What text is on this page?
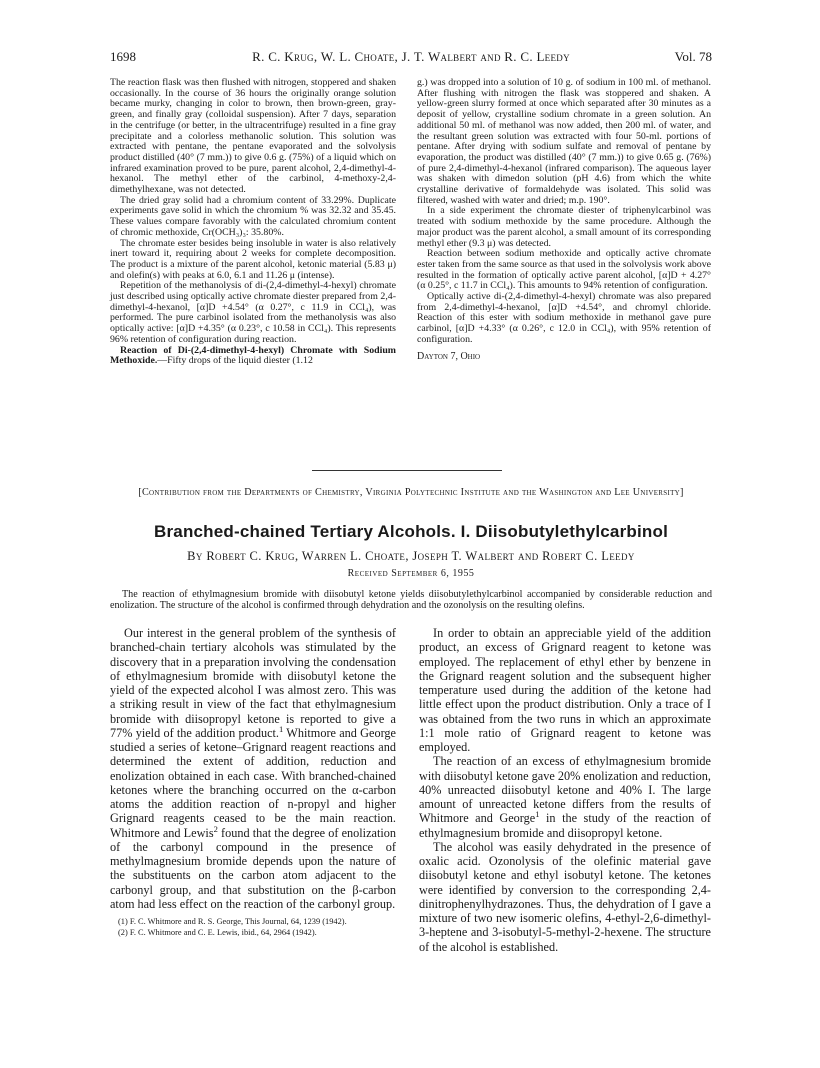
1698	R. C. Krug, W. L. Choate, J. T. Walbert and R. C. Leedy	Vol. 78

The reaction flask was then flushed with nitrogen, stoppered and shaken occasionally. In the course of 36 hours the originally orange solution became murky, changing in color to brown, then brown-green, gray-green, and finally gray (colloidal suspension). After 7 days, separation in the centrifuge (or better, in the ultracentrifuge) resulted in a fine gray precipitate and a colorless methanolic solution. This solution was extracted with pentane, the pentane evaporated and the solvolysis product distilled (40° (7 mm.)) to give 0.6 g. (75%) of a liquid which on infrared examination proved to be pure, parent alcohol, 2,4-dimethyl-4-hexanol. The methyl ether of the carbinol, 4-methoxy-2,4-dimethylhexane, was not detected.

The dried gray solid had a chromium content of 33.29%. Duplicate experiments gave solid in which the chromium % was 32.32 and 35.45. These values compare favorably with the calculated chromium content of chromic methoxide, Cr(OCH₃)₃: 35.80%.

The chromate ester besides being insoluble in water is also relatively inert toward it, requiring about 2 weeks for complete decomposition. The product is a mixture of the parent alcohol, ketonic material (5.83 μ) and olefin(s) with peaks at 6.0, 6.1 and 11.26 μ (intense).

Repetition of the methanolysis of di-(2,4-dimethyl-4-hexyl) chromate just described using optically active chromate diester prepared from 2,4-dimethyl-4-hexanol, [α]D +4.54° (α 0.27°, c 11.9 in CCl₄), was performed. The pure carbinol isolated from the methanolysis was also optically active: [α]D +4.35° (α 0.23°, c 10.58 in CCl₄). This represents 96% retention of configuration during reaction.

Reaction of Di-(2,4-dimethyl-4-hexyl) Chromate with Sodium Methoxide.—Fifty drops of the liquid diester (1.12

g.) was dropped into a solution of 10 g. of sodium in 100 ml. of methanol. After flushing with nitrogen the flask was stoppered and shaken. A yellow-green slurry formed at once which separated after 30 minutes as a deposit of yellow, crystalline sodium chromate in a green solution. An additional 50 ml. of methanol was now added, then 200 ml. of water, and the resultant green solution was extracted with four 50-ml. portions of pentane. After drying with sodium sulfate and removal of pentane by evaporation, the product was distilled (40° (7 mm.)) to give 0.65 g. (76%) of pure 2,4-dimethyl-4-hexanol (infrared comparison). The aqueous layer was shaken with dimedon solution (pH 4.6) from which the white crystalline derivative of formaldehyde was isolated. This solid was filtered, washed with water and dried; m.p. 190°.

In a side experiment the chromate diester of triphenylcarbinol was treated with sodium methoxide by the same procedure. Although the major product was the parent alcohol, a small amount of its corresponding methyl ether (9.3 μ) was detected.

Reaction between sodium methoxide and optically active chromate ester taken from the same source as that used in the solvolysis work above resulted in the formation of optically active parent alcohol, [α]D + 4.27° (α 0.25°, c 11.7 in CCl₄). This amounts to 94% retention of configuration.

Optically active di-(2,4-dimethyl-4-hexyl) chromate was also prepared from 2,4-dimethyl-4-hexanol, [α]D +4.54°, and chromyl chloride. Reaction of this ester with sodium methoxide in methanol gave pure carbinol, [α]D +4.33° (α 0.26°, c 12.0 in CCl₄), with 95% retention of configuration.

Dayton 7, Ohio

[Contribution from the Departments of Chemistry, Virginia Polytechnic Institute and the Washington and Lee University]
Branched-chained Tertiary Alcohols. I. Diisobutylethylcarbinol
By Robert C. Krug, Warren L. Choate, Joseph T. Walbert and Robert C. Leedy
Received September 6, 1955
The reaction of ethylmagnesium bromide with diisobutyl ketone yields diisobutylethylcarbinol accompanied by considerable reduction and enolization. The structure of the alcohol is confirmed through dehydration and the ozonolysis on the resulting olefins.

Our interest in the general problem of the synthesis of branched-chain tertiary alcohols was stimulated by the discovery that in a preparation involving the condensation of ethylmagnesium bromide with diisobutyl ketone the yield of the expected alcohol I was almost zero. This was a striking result in view of the fact that ethylmagnesium bromide with diisopropyl ketone is reported to give a 77% yield of the addition product.$^1$ Whitmore and George studied a series of ketone–Grignard reagent reactions and determined the extent of addition, reduction and enolization obtained in each case. With branched-chained ketones where the branching occurred on the α-carbon atoms the addition reaction of n-propyl and higher Grignard reagents ceased to be the main reaction. Whitmore and Lewis$^2$ found that the degree of enolization of the carbonyl compound in the presence of methylmagnesium bromide depends upon the nature of the substituents on the carbon atom adjacent to the carbonyl group, and that substitution on the β-carbon atom had less effect on the reaction of the carbonyl group.

(1) F. C. Whitmore and R. S. George, This Journal, 64, 1239 (1942).
(2) F. C. Whitmore and C. E. Lewis, ibid., 64, 2964 (1942).

In order to obtain an appreciable yield of the addition product, an excess of Grignard reagent to ketone was employed. The replacement of ethyl ether by benzene in the Grignard reagent solution and the subsequent higher temperature used during the addition of the ketone had little effect upon the product distribution. Only a trace of I was obtained from the two runs in which an approximate 1:1 mole ratio of Grignard reagent to ketone was employed.

The reaction of an excess of ethylmagnesium bromide with diisobutyl ketone gave 20% enolization and reduction, 40% unreacted diisobutyl ketone and 40% I. The large amount of unreacted ketone differs from the results of Whitmore and George$^1$ in the study of the reaction of ethylmagnesium bromide and diisopropyl ketone.

The alcohol was easily dehydrated in the presence of oxalic acid. Ozonolysis of the olefinic material gave diisobutyl ketone and ethyl isobutyl ketone. The ketones were identified by conversion to the corresponding 2,4-dinitrophenylhydrazones. Thus, the dehydration of I gave a mixture of two new isomeric olefins, 4-ethyl-2,6-dimethyl-3-heptene and 3-isobutyl-5-methyl-2-hexene. The structure of the alcohol is established.
